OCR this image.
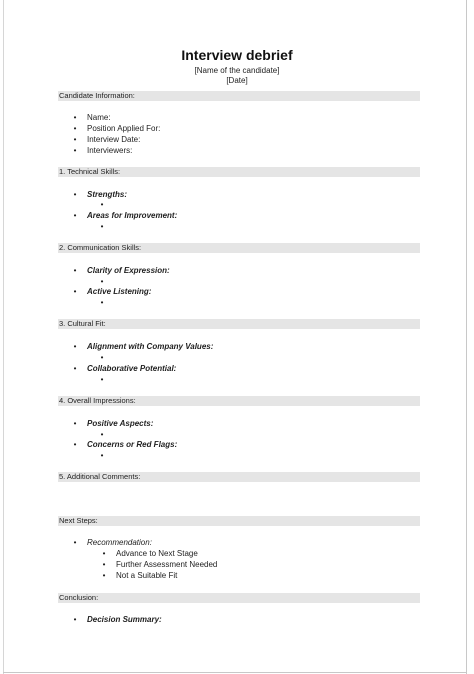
Interview debrief
[Name of the candidate]
[Date]
Candidate Information:
• Name:
• Position Applied For:
• Interview Date:
• Interviewers:
1. Technical Skills:
• Strengths:
•
• Areas for Improvement:
•
2. Communication Skills:
• Clarity of Expression:
•
• Active Listening:
•
3. Cultural Fit:
• Alignment with Company Values:
•
• Collaborative Potential:
•
4. Overall Impressions:
• Positive Aspects:
•
• Concerns or Red Flags:
•
5. Additional Comments:
Next Steps:
• Recommendation:
• Advance to Next Stage
• Further Assessment Needed
• Not a Suitable Fit
Conclusion:
• Decision Summary:
